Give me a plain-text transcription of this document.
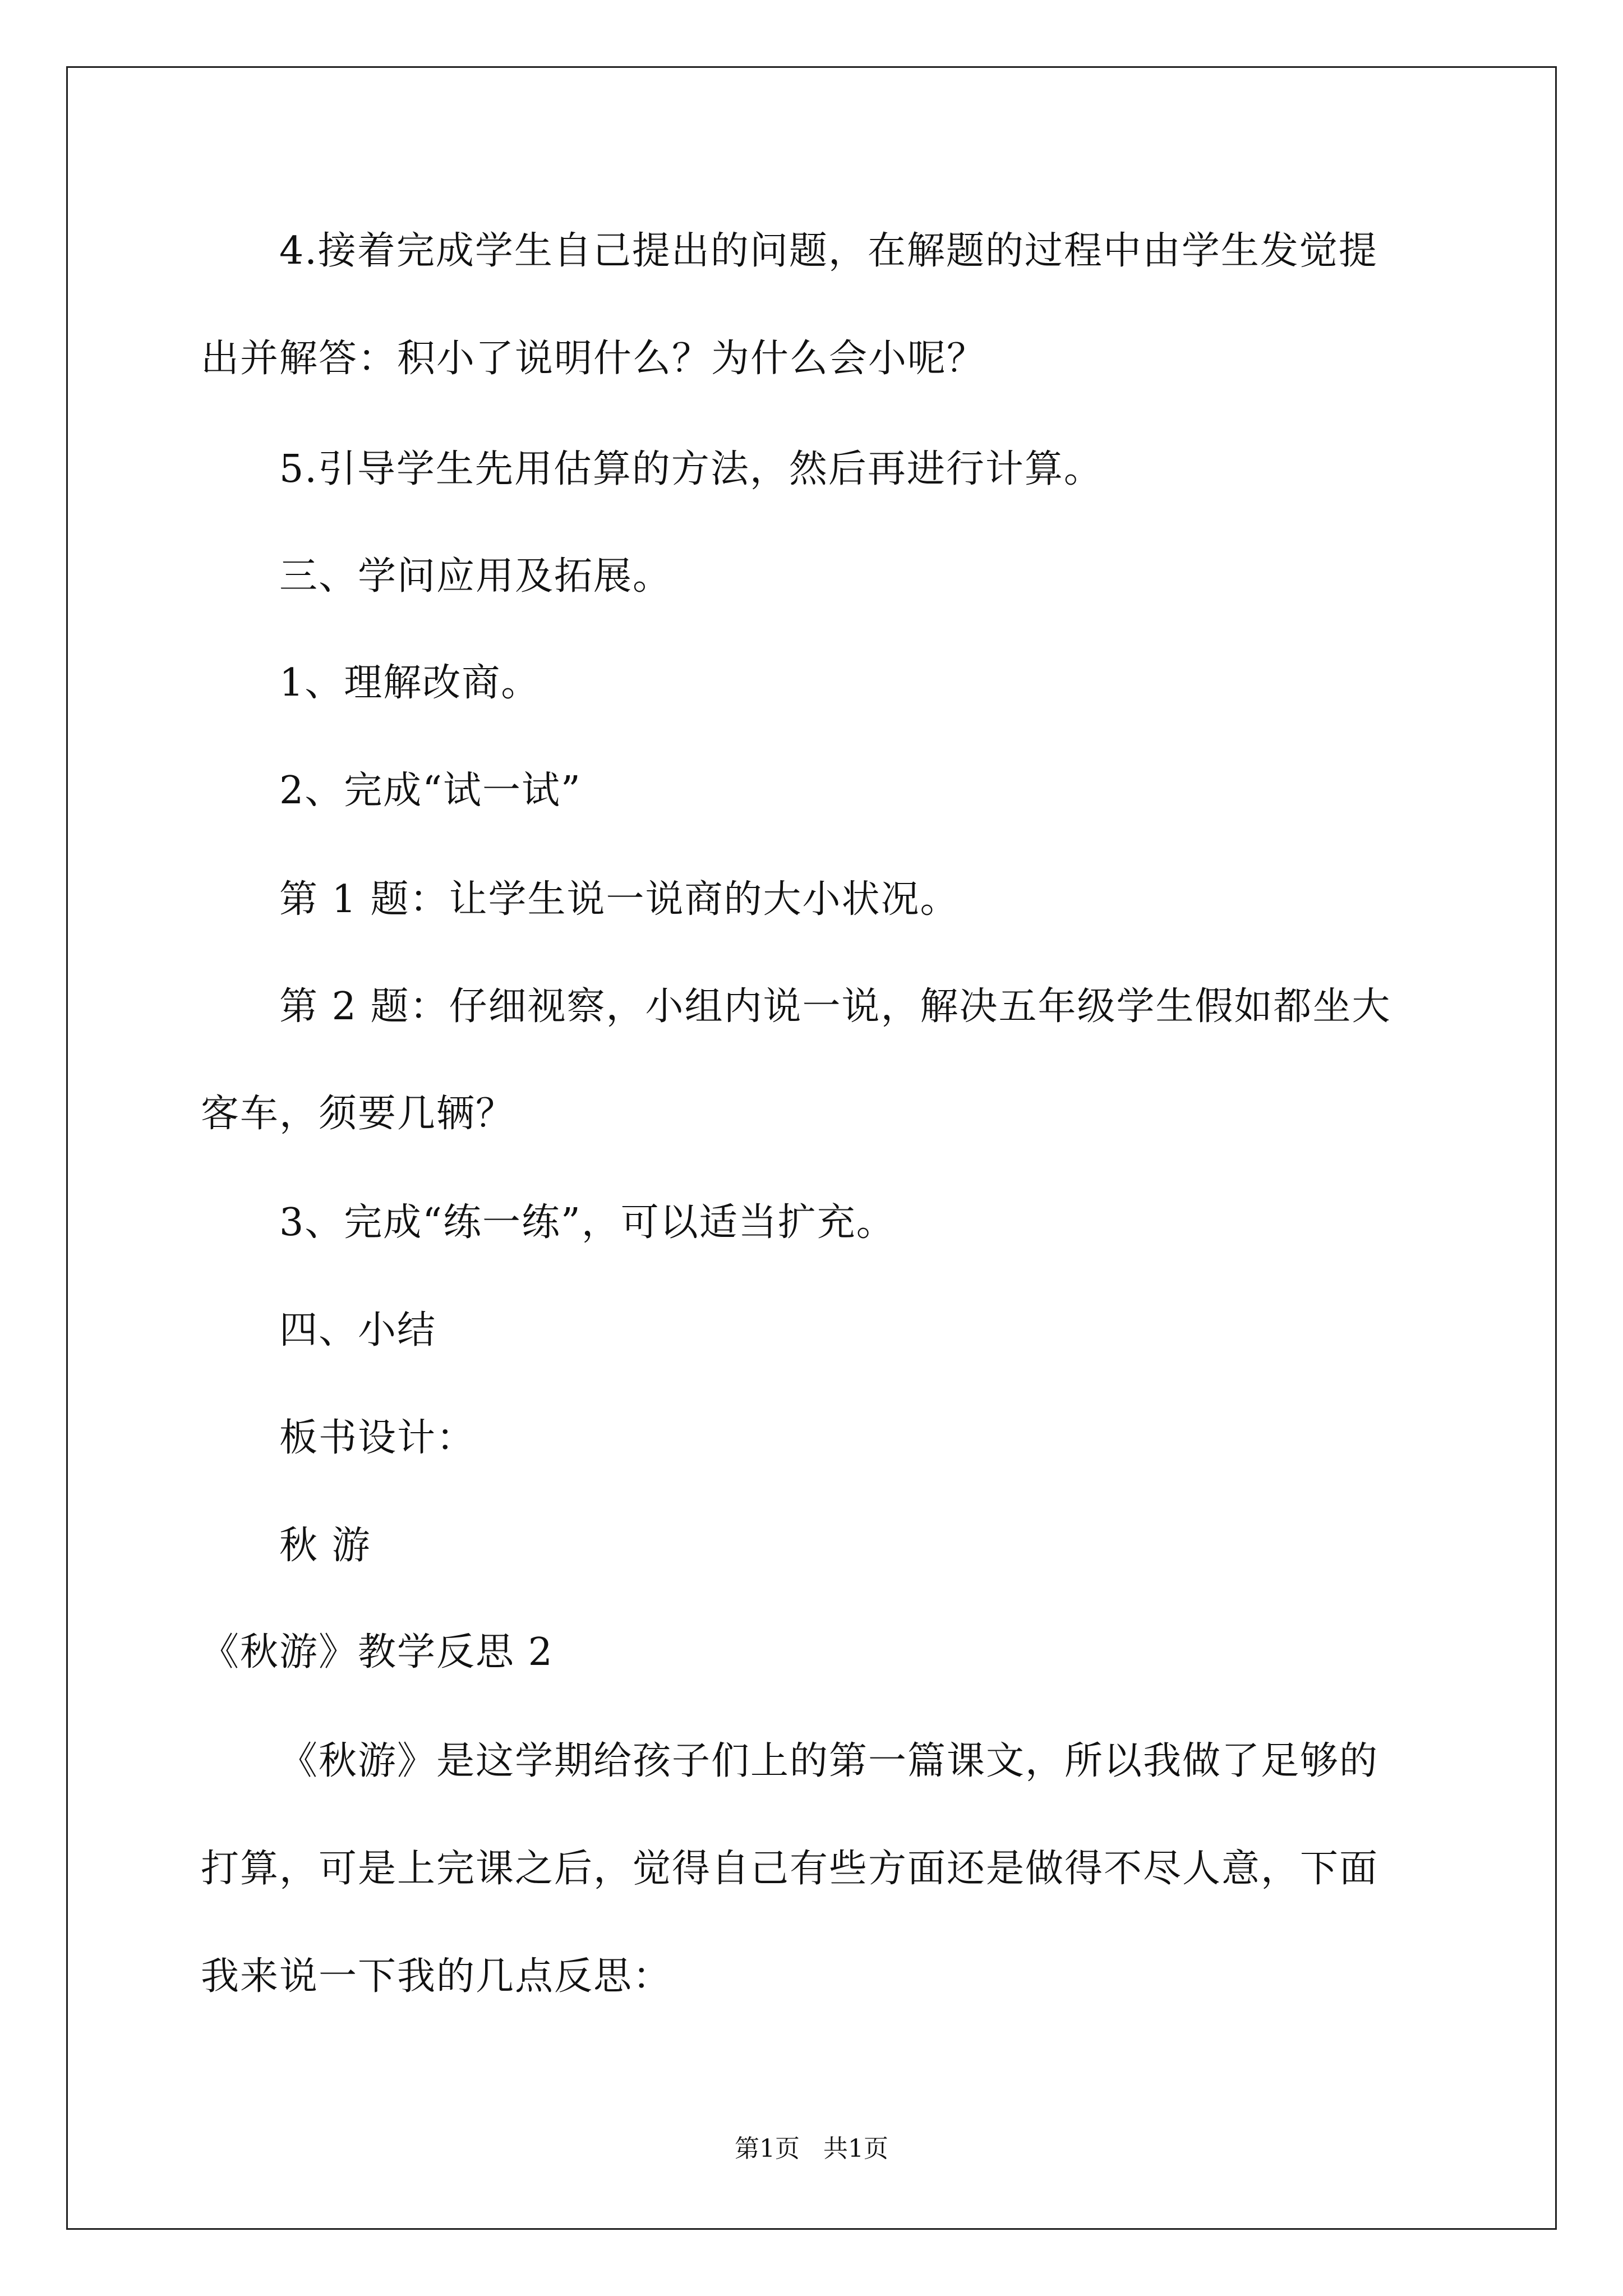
4.接着完成学生自己提出的问题，在解题的过程中由学生发觉提
出并解答：积小了说明什么？为什么会小呢？
5.引导学生先用估算的方法，然后再进行计算。
三、学问应用及拓展。
1、理解改商。
2、完成“试一试”
第 1 题：让学生说一说商的大小状况。
第 2 题：仔细视察，小组内说一说，解决五年级学生假如都坐大
客车，须要几辆？
3、完成“练一练”，可以适当扩充。
四、小结
板书设计：
秋 游
《秋游》教学反思 2
《秋游》是这学期给孩子们上的第一篇课文，所以我做了足够的
打算，可是上完课之后，觉得自己有些方面还是做得不尽人意，下面
我来说一下我的几点反思：
第1页   共1页
